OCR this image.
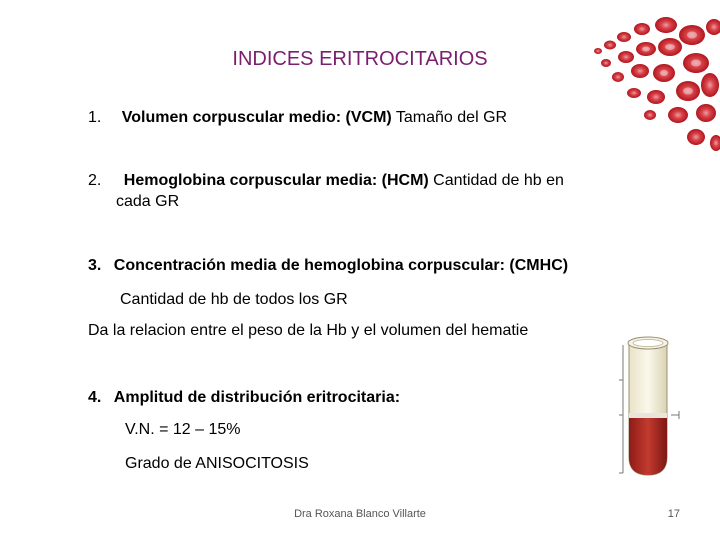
INDICES ERITROCITARIOS
1. Volumen corpuscular medio: (VCM) Tamaño del GR
2. Hemoglobina corpuscular media: (HCM) Cantidad de hb en
cada GR
3. Concentración media de hemoglobina corpuscular: (CMHC)
Cantidad de hb de todos los GR
Da la relacion entre el peso de la Hb y el volumen del hematie
4. Amplitud de distribución eritrocitaria:
V.N. = 12 – 15%
Grado de ANISOCITOSIS
Dra Roxana Blanco Villarte	17
